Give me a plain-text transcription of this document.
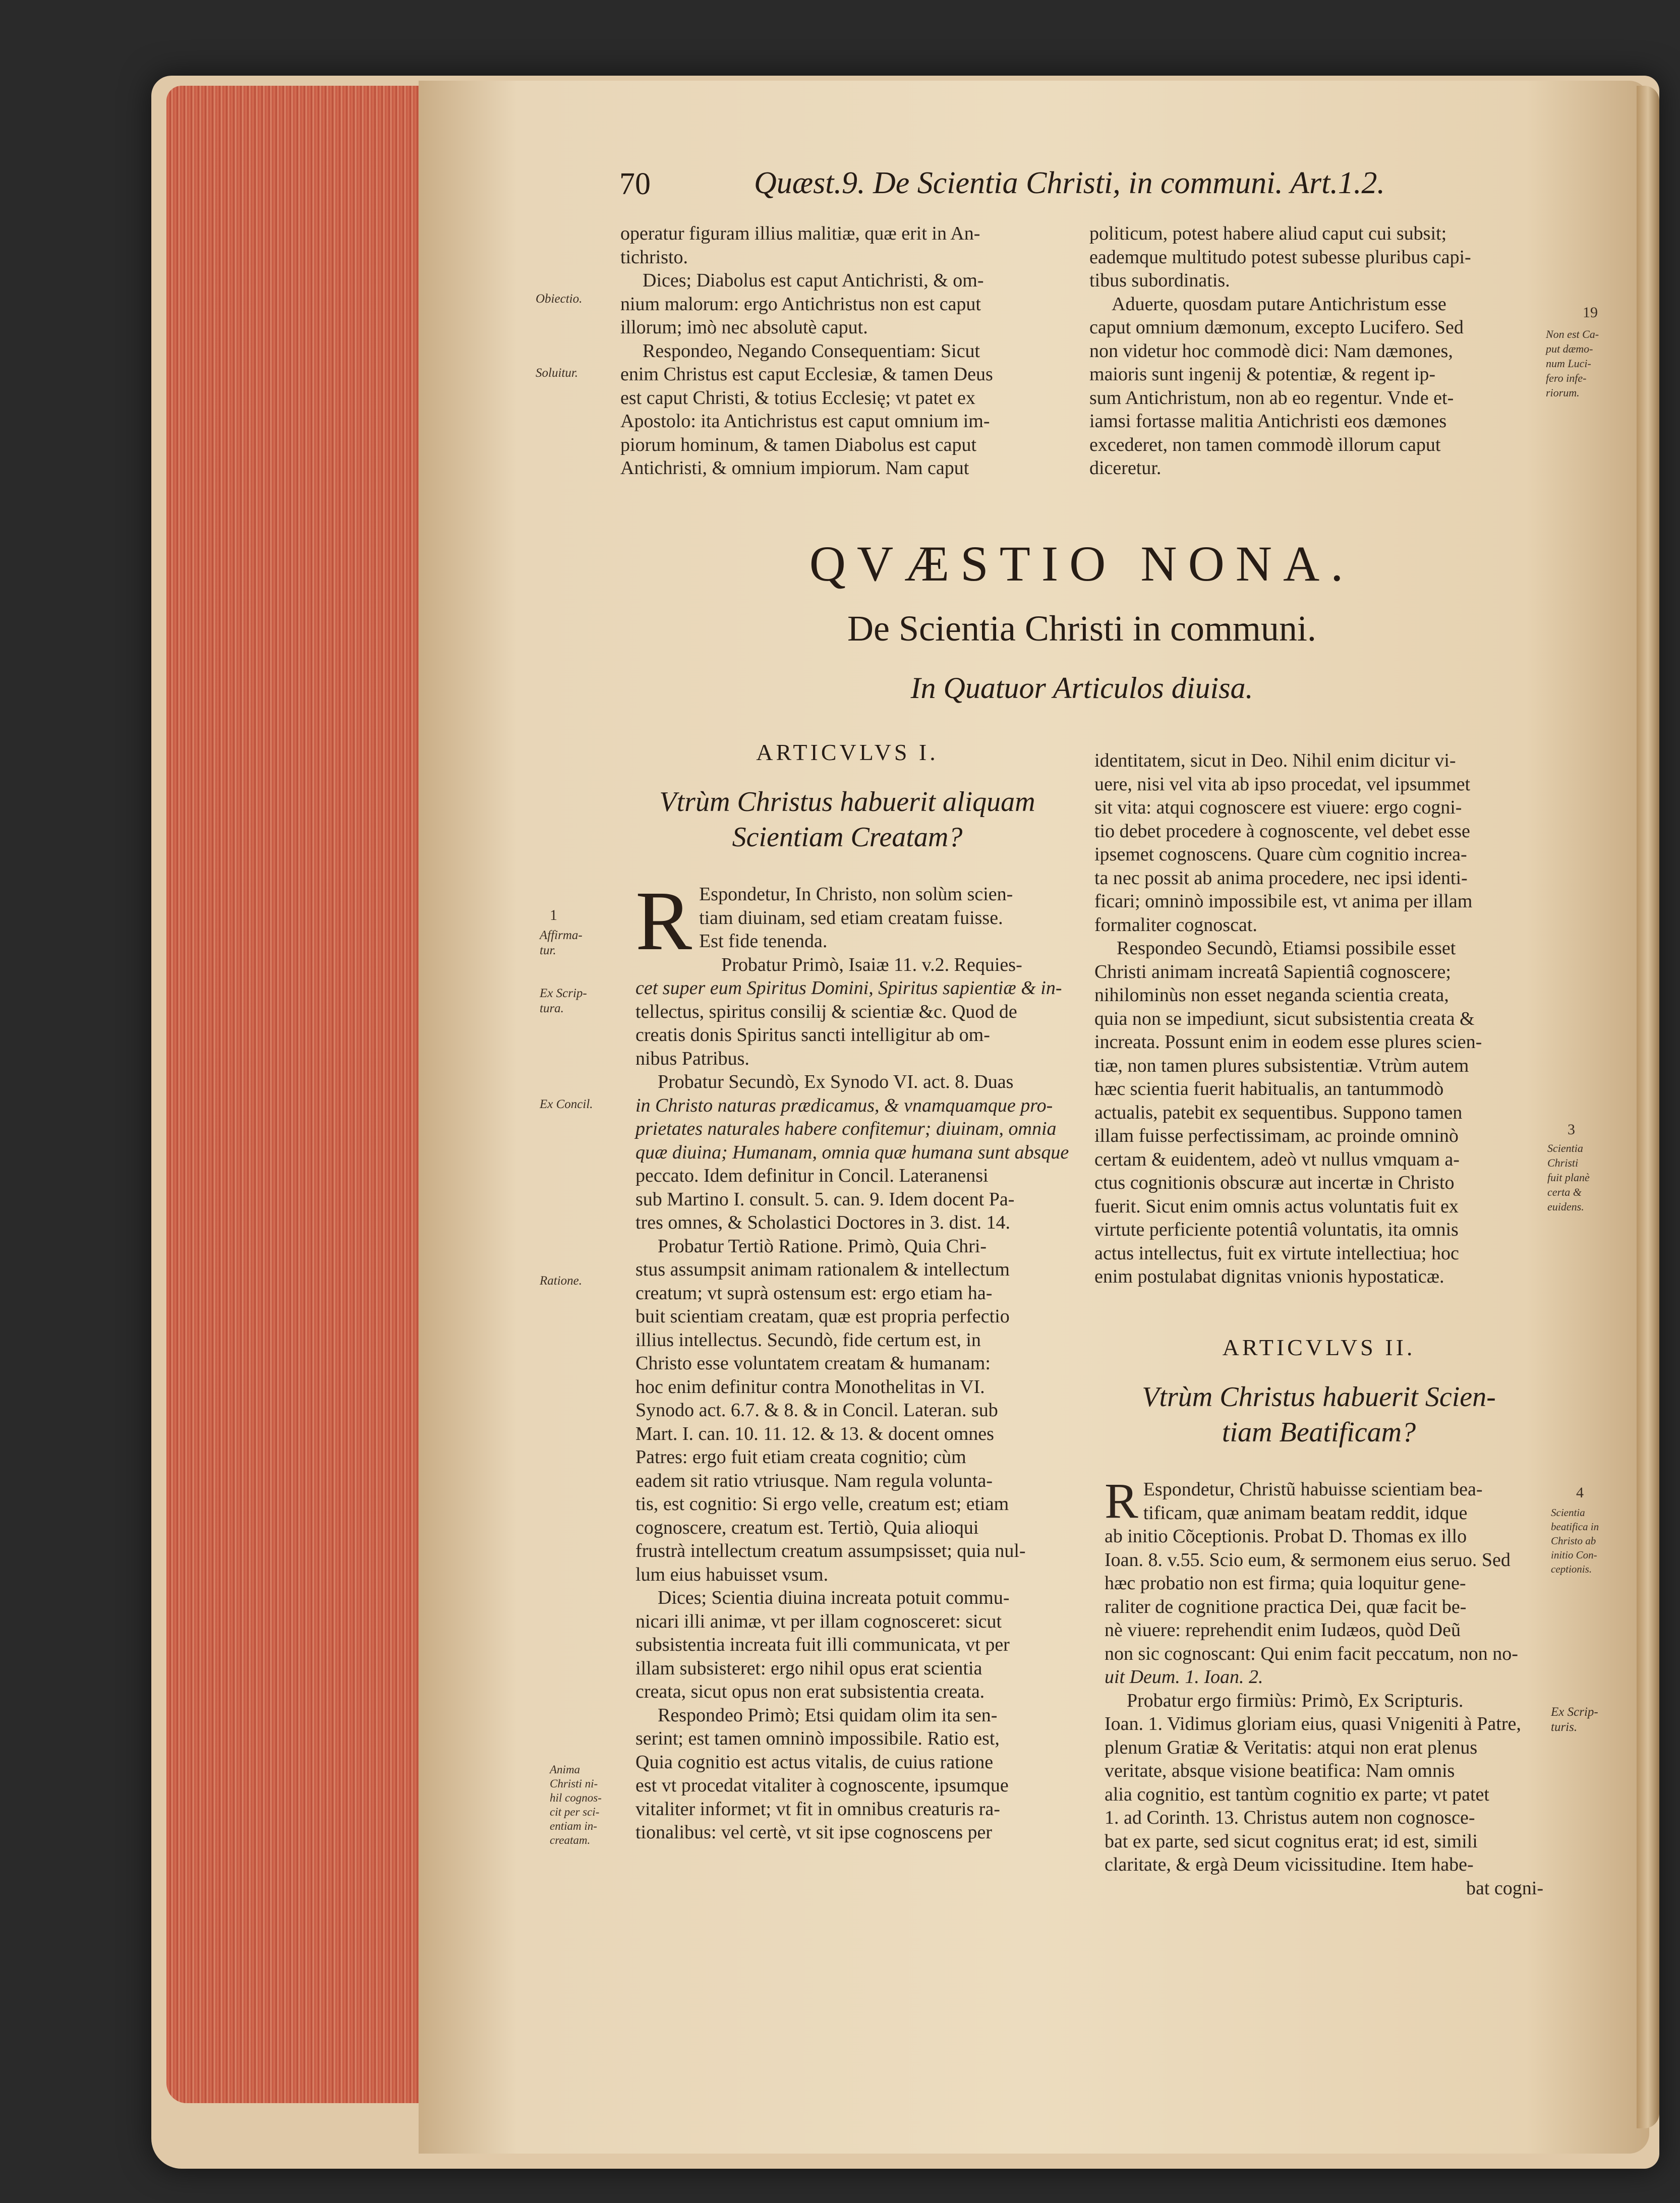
70	Quæst.9. De Scientia Christi, in communi. Art.1.2.

operatur figuram illius malitiæ, quæ erit in An-

tichristo.

Dices; Diabolus est caput Antichristi, & om-

nium malorum: ergo Antichristus non est caput

illorum; imò nec absolutè caput.

Respondeo, Negando Consequentiam: Sicut

enim Christus est caput Ecclesiæ, & tamen Deus

est caput Christi, & totius Ecclesię; vt patet ex

Apostolo: ita Antichristus est caput omnium im-

piorum hominum, & tamen Diabolus est caput

Antichristi, & omnium impiorum. Nam caput

politicum, potest habere aliud caput cui subsit;

eademque multitudo potest subesse pluribus capi-

tibus subordinatis.

Aduerte, quosdam putare Antichristum esse

caput omnium dæmonum, excepto Lucifero. Sed

non videtur hoc commodè dici: Nam dæmones,

maioris sunt ingenij & potentiæ, & regent ip-

sum Antichristum, non ab eo regentur. Vnde et-

iamsi fortasse malitia Antichristi eos dæmones

excederet, non tamen commodè illorum caput

diceretur.

Obiectio.
Soluitur.
19
Non est Ca-
put dæmo-
num Luci-
fero infe-
riorum.
QVÆSTIO NONA.
De Scientia Christi in communi.
In Quatuor Articulos diuisa.
ARTICVLVS I.
Vtrùm Christus habuerit aliquam
Scientiam Creatam?
R Espondetur, In Christo, non solùm scien-

tiam diuinam, sed etiam creatam fuisse.

Est fide tenenda.

Probatur Primò, Isaiæ 11. v.2. Requies-

cet super eum Spiritus Domini, Spiritus sapientiæ & in-

tellectus, spiritus consilij & scientiæ &c. Quod de

creatis donis Spiritus sancti intelligitur ab om-

nibus Patribus.

Probatur Secundò, Ex Synodo VI. act. 8. Duas

in Christo naturas prædicamus, & vnamquamque pro-

prietates naturales habere confitemur; diuinam, omnia

quæ diuina; Humanam, omnia quæ humana sunt absque

peccato. Idem definitur in Concil. Lateranensi

sub Martino I. consult. 5. can. 9. Idem docent Pa-

tres omnes, & Scholastici Doctores in 3. dist. 14.

Probatur Tertiò Ratione. Primò, Quia Chri-

stus assumpsit animam rationalem & intellectum

creatum; vt suprà ostensum est: ergo etiam ha-

buit scientiam creatam, quæ est propria perfectio

illius intellectus. Secundò, fide certum est, in

Christo esse voluntatem creatam & humanam:

hoc enim definitur contra Monothelitas in VI.

Synodo act. 6.7. & 8. & in Concil. Lateran. sub

Mart. I. can. 10. 11. 12. & 13. & docent omnes

Patres: ergo fuit etiam creata cognitio; cùm

eadem sit ratio vtriusque. Nam regula volunta-

tis, est cognitio: Si ergo velle, creatum est; etiam

cognoscere, creatum est. Tertiò, Quia alioqui

frustrà intellectum creatum assumpsisset; quia nul-

lum eius habuisset vsum.

Dices; Scientia diuina increata potuit commu-

nicari illi animæ, vt per illam cognosceret: sicut

subsistentia increata fuit illi communicata, vt per

illam subsisteret: ergo nihil opus erat scientia

creata, sicut opus non erat subsistentia creata.

Respondeo Primò; Etsi quidam olim ita sen-

serint; est tamen omninò impossibile. Ratio est,

Quia cognitio est actus vitalis, de cuius ratione

est vt procedat vitaliter à cognoscente, ipsumque

vitaliter informet; vt fit in omnibus creaturis ra-

tionalibus: vel certè, vt sit ipse cognoscens per

1
Affirma-
tur.
Ex Scrip-
tura.
Ex Concil.
Ratione.
Anima
Christi ni-
hil cognos-
cit per sci-
entiam in-
creatam.

identitatem, sicut in Deo. Nihil enim dicitur vi-

uere, nisi vel vita ab ipso procedat, vel ipsummet

sit vita: atqui cognoscere est viuere: ergo cogni-

tio debet procedere à cognoscente, vel debet esse

ipsemet cognoscens. Quare cùm cognitio increa-

ta nec possit ab anima procedere, nec ipsi identi-

ficari; omninò impossibile est, vt anima per illam

formaliter cognoscat.

Respondeo Secundò, Etiamsi possibile esset

Christi animam increatâ Sapientiâ cognoscere;

nihilominùs non esset neganda scientia creata,

quia non se impediunt, sicut subsistentia creata &

increata. Possunt enim in eodem esse plures scien-

tiæ, non tamen plures subsistentiæ. Vtrùm autem

hæc scientia fuerit habitualis, an tantummodò

actualis, patebit ex sequentibus. Suppono tamen

illam fuisse perfectissimam, ac proinde omninò

certam & euidentem, adeò vt nullus vmquam a-

ctus cognitionis obscuræ aut incertæ in Christo

fuerit. Sicut enim omnis actus voluntatis fuit ex

virtute perficiente potentiâ voluntatis, ita omnis

actus intellectus, fuit ex virtute intellectiua; hoc

enim postulabat dignitas vnionis hypostaticæ.

3
Scientia
Christi
fuit planè
certa &
euidens.
ARTICVLVS II.
Vtrùm Christus habuerit Scien-
tiam Beatificam?
R Espondetur, Christũ habuisse scientiam bea-

tificam, quæ animam beatam reddit, idque

ab initio Cõceptionis. Probat D. Thomas ex illo

Ioan. 8. v.55. Scio eum, & sermonem eius seruo. Sed

hæc probatio non est firma; quia loquitur gene-

raliter de cognitione practica Dei, quæ facit be-

nè viuere: reprehendit enim Iudæos, quòd Deũ

non sic cognoscant: Qui enim facit peccatum, non no-

uit Deum. 1. Ioan. 2.

Probatur ergo firmiùs: Primò, Ex Scripturis.

Ioan. 1. Vidimus gloriam eius, quasi Vnigeniti à Patre,

plenum Gratiæ & Veritatis: atqui non erat plenus

veritate, absque visione beatifica: Nam omnis

alia cognitio, est tantùm cognitio ex parte; vt patet

1. ad Corinth. 13. Christus autem non cognosce-

bat ex parte, sed sicut cognitus erat; id est, simili

claritate, & ergà Deum vicissitudine. Item habe-

bat cogni-

4
Scientia
beatifica in
Christo ab
initio Con-
ceptionis.
Ex Scrip-
turis.
